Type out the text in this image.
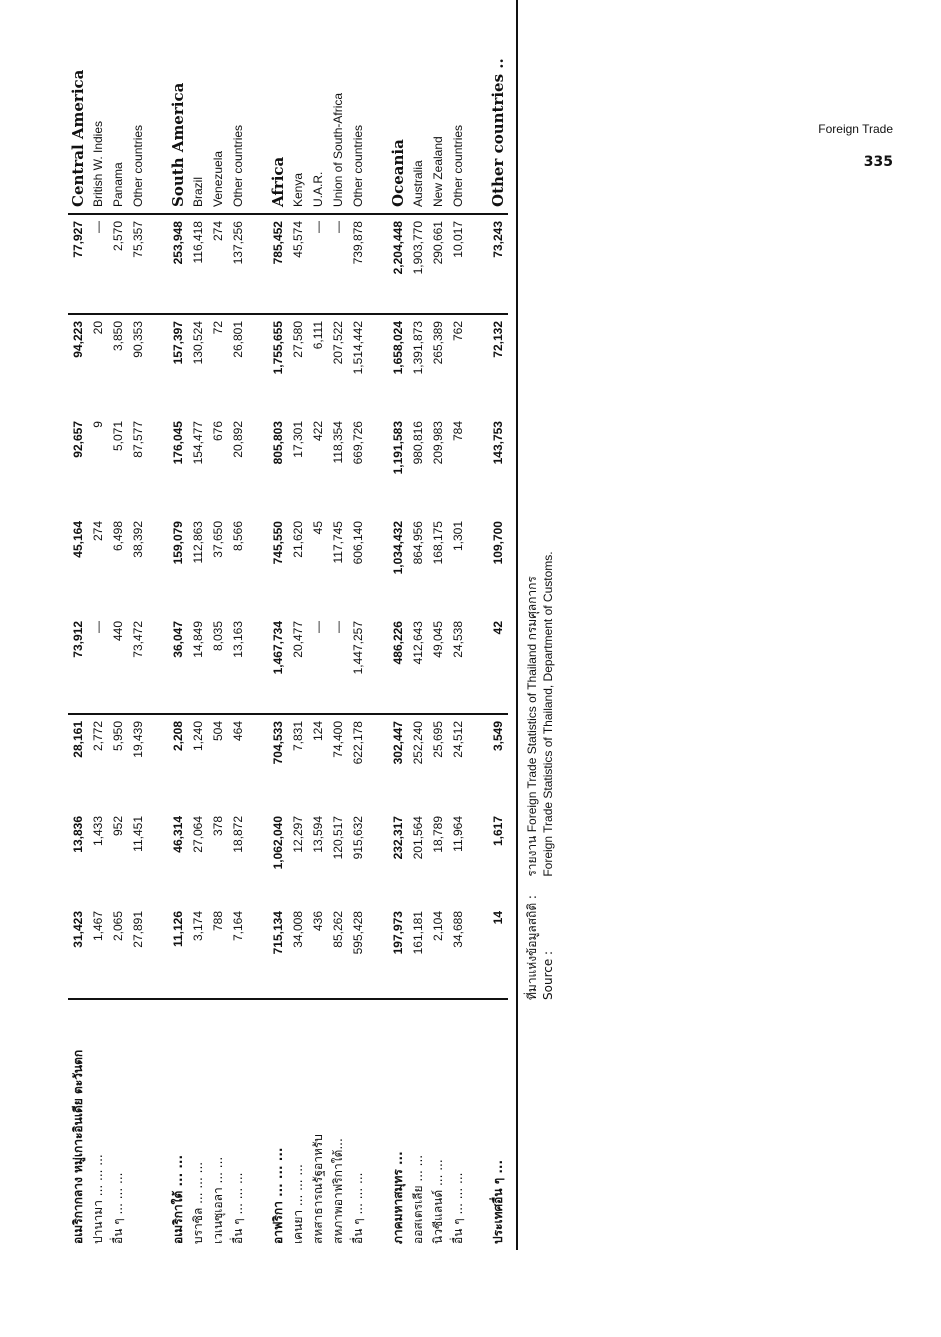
Foreign Trade
335
อเมริกากลาง หมู่เกาะอินเดีย ตะวันตก
31,423
13,836
28,161
73,912
45,164
92,657
94,223
77,927
Central America
ปานามา ... ... ...
1,467
1,433
2,772
—
274
9
20
—
British W. Indies
อื่น ๆ ... ... ...
2,065
952
5,950
440
6,498
5,071
3,850
2,570
Panama
27,891
11,451
19,439
73,472
38,392
87,577
90,353
75,357
Other countries
อเมริกาใต้ ... ...
11,126
46,314
2,208
36,047
159,079
176,045
157,397
253,948
South America
บราซิล ... ... ...
3,174
27,064
1,240
14,849
112,863
154,477
130,524
116,418
Brazil
เวเนซุเอลา ... ...
788
378
504
8,035
37,650
676
72
274
Venezuela
อื่น ๆ ... ... ...
7,164
18,872
464
13,163
8,566
20,892
26,801
137,256
Other countries
อาฟริกา ... ... ...
715,134
1,062,040
704,533
1,467,734
745,550
805,803
1,755,655
785,452
Africa
เคนยา ... ... ...
34,008
12,297
7,831
20,477
21,620
17,301
27,580
45,574
Kenya
สหสาธารณรัฐอาหรับ
436
13,594
124
—
45
422
6,111
—
U.A.R.
สหภาพอาฟริกาใต้...
85,262
120,517
74,400
—
117,745
118,354
207,522
—
Union of South-Africa
อื่น ๆ ... ... ...
595,428
915,632
622,178
1,447,257
606,140
669,726
1,514,442
739,878
Other countries
ภาคมหาสมุทร ...
197,973
232,317
302,447
486,226
1,034,432
1,191,583
1,658,024
2,204,448
Oceania
ออสเตรเลีย ... ...
161,181
201,564
252,240
412,643
864,956
980,816
1,391,873
1,903,770
Australia
นิวซีแลนด์ ... ...
2,104
18,789
25,695
49,045
168,175
209,983
265,389
290,661
New Zealand
อื่น ๆ ... ... ...
34,688
11,964
24,512
24,538
1,301
784
762
10,017
Other countries
ประเทศอื่น ๆ ...
14
1,617
3,549
42
109,700
143,753
72,132
73,243
Other countries ..
ที่มาแห่งข้อมูลสถิติ : รายงาน Foreign Trade Statistics of Thailand กรมศุลกากร
Source : Foreign Trade Statistics of Thailand, Department of Customs.
